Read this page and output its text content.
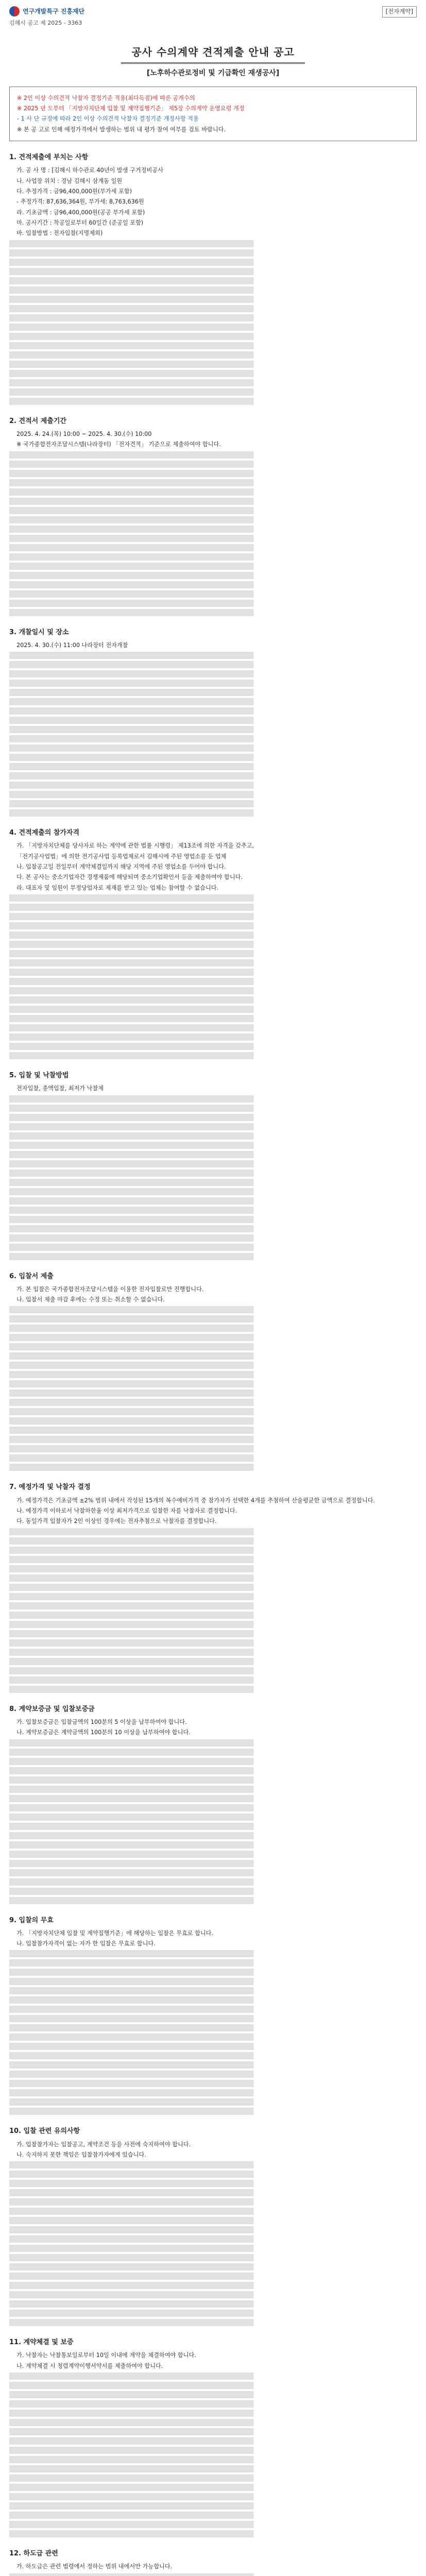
연구개발특구 진흥재단
김해시 공고 제 2025 - 3363
[전자계약]
공사 수의계약 견적제출 안내 공고
[노후하수관로정비 및 기급확인 재생공사]

※ 2인 이상 수의견적 낙찰자 결정기준 적용(최다득점)에 따른 공개수의

※ 2025 년 도부터 「지방자치단체 입찰 및 계약집행기준」 제5장 수의계약 운영요령 개정

- 1 사 단 규정에 따라 2인 이상 수의견적 낙찰자 결정기준 개정사항 적용

※ 본 공 고로 인해 예정가격에서 발생하는 범위 내 평가 참여 여부를 검토 바랍니다.

1. 견적제출에 부치는 사항

가. 공 사 명 : [김해시 하수관로 40년이 발생 구거정비공사

나. 사업장 위치 : 경남 김해시 삼계동 일원

다. 추정가격 : 금96,400,000원(부가세 포함)

- 추정가격: 87,636,364원, 부가세: 8,763,636원

라. 기초금액 : 금96,400,000원(공공 부가세 포함)

마. 공사기간 : 착공일로부터 60일간 (준공일 포함)

바. 입찰방법 : 전자입찰(지명제외)

2. 견적서 제출기간

2025. 4. 24.(목) 10:00 ~ 2025. 4. 30.(수) 10:00

※ 국가종합전자조달시스템(나라장터) 「전자견적」 기준으로 제출하여야 합니다.

3. 개찰일시 및 장소

2025. 4. 30.(수) 11:00 나라장터 전자개찰

4. 견적제출의 참가자격

가. 「지방자치단체를 당사자로 하는 계약에 관한 법률 시행령」 제13조에 의한 자격을 갖추고,

「전기공사업법」에 의한 전기공사업 등록업체로서 김해시에 주된 영업소를 둔 업체

나. 입찰공고일 전일부터 계약체결일까지 해당 지역에 주된 영업소를 두어야 합니다.

다. 본 공사는 중소기업자간 경쟁제품에 해당되며 중소기업확인서 등을 제출하여야 합니다.

라. 대표자 및 임원이 부정당업자로 제재를 받고 있는 업체는 참여할 수 없습니다.

5. 입찰 및 낙찰방법

전자입찰, 총액입찰, 최저가 낙찰제

6. 입찰서 제출

가. 본 입찰은 국가종합전자조달시스템을 이용한 전자입찰로만 진행합니다.

나. 입찰서 제출 마감 후에는 수정 또는 취소할 수 없습니다.

7. 예정가격 및 낙찰자 결정

가. 예정가격은 기초금액 ±2% 범위 내에서 작성된 15개의 복수예비가격 중 참가자가 선택한 4개를 추첨하여 산술평균한 금액으로 결정합니다.

나. 예정가격 이하로서 낙찰하한율 이상 최저가격으로 입찰한 자를 낙찰자로 결정합니다.

다. 동일가격 입찰자가 2인 이상인 경우에는 전자추첨으로 낙찰자를 결정합니다.

8. 계약보증금 및 입찰보증금

가. 입찰보증금은 입찰금액의 100분의 5 이상을 납부하여야 합니다.

나. 계약보증금은 계약금액의 100분의 10 이상을 납부하여야 합니다.

9. 입찰의 무효

가. 「지방자치단체 입찰 및 계약집행기준」에 해당하는 입찰은 무효로 합니다.

나. 입찰참가자격이 없는 자가 한 입찰은 무효로 합니다.

10. 입찰 관련 유의사항

가. 입찰참가자는 입찰공고, 계약조건 등을 사전에 숙지하여야 합니다.

나. 숙지하지 못한 책임은 입찰참가자에게 있습니다.

11. 계약체결 및 보증

가. 낙찰자는 낙찰통보일로부터 10일 이내에 계약을 체결하여야 합니다.

나. 계약체결 시 청렴계약이행서약서를 제출하여야 합니다.

12. 하도급 관련

가. 하도급은 관련 법령에서 정하는 범위 내에서만 가능합니다.
